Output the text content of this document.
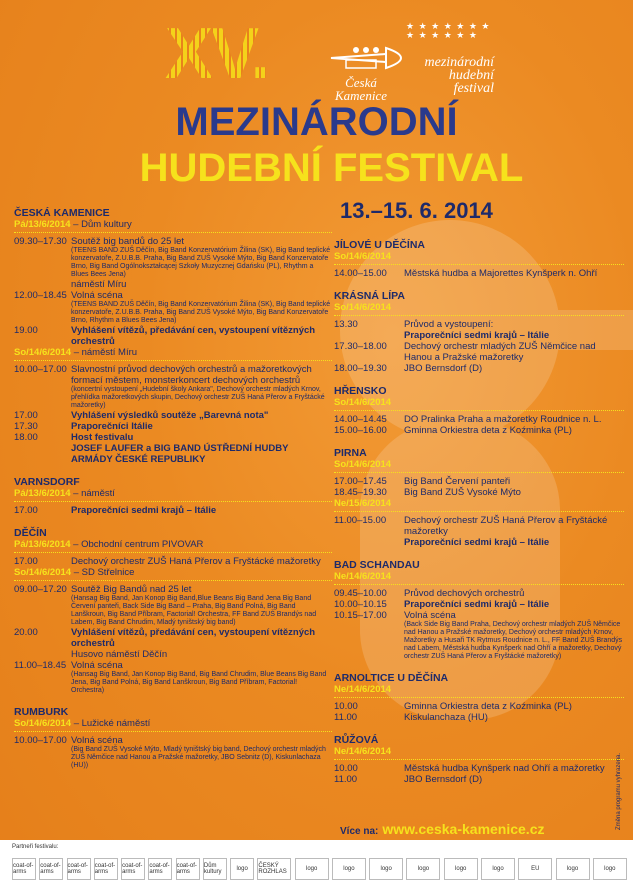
XV.	★ ★ ★ ★ ★ ★ ★
★ ★ ★ ★ ★ ★
mezinárodní
hudební
festival
Česká
Kamenice
MEZINÁRODNÍ
HUDEBNÍ FESTIVAL
13.–15. 6. 2014
ČESKÁ KAMENICE
Pá/13/6/2014 – Dům kultury
09.30–17.30 Soutěž big bandů do 25 let
(TEENS BAND ZUŠ Děčín, Big Band Konzervatórium Žilina (SK), Big Band teplické konzervatoře, Z.U.B.B. Praha, Big Band ZUŠ Vysoké Mýto, Big Band Konzervatoře Brno, Big Band Ogólnokształcącej Szkoły Muzycznej Gdańsku (PL), Rhythm a Blues Bees Jena)
náměstí Míru
12.00–18.45 Volná scéna
(TEENS BAND ZUŠ Děčín, Big Band Konzervatórium Žilina (SK), Big Band teplické konzervatoře, Z.U.B.B. Praha, Big Band ZUŠ Vysoké Mýto, Big Band Konzervatoře Brno, Rhythm a Blues Bees Jena)
19.00	Vyhlášení vítězů, předávání cen, vystoupení vítězných orchestrů
So/14/6/2014 – náměstí Míru
10.00–17.00 Slavnostní průvod dechových orchestrů a mažoretkových formací městem, monsterkoncert dechových orchestrů
(koncertní vystoupení „Hudební školy Ankara", Dechový orchestr mladých Krnov, přehlídka mažoretkových skupin, Dechový orchestr ZUŠ Haná Přerov a Fryštácké mažoretky)
17.00	Vyhlášení výsledků soutěže „Barevná nota"
17.30	Praporečníci Itálie
18.00	Host festivalu
JOSEF LAUFER a BIG BAND ÚSTŘEDNÍ HUDBY ARMÁDY ČESKÉ REPUBLIKY
VARNSDORF
Pá/13/6/2014 – náměstí
17.00	Praporečníci sedmi krajů – Itálie
DĚČÍN
Pá/13/6/2014 – Obchodní centrum PIVOVAR
17.00	Dechový orchestr ZUŠ Haná Přerov a Fryštácké mažoretky
So/14/6/2014 – SD Střelnice
09.00–17.20 Soutěž Big Bandů nad 25 let
(Hansag Big Band, Jan Konop Big Band,Blue Beans Big Band Jena Big Band Červení panteři, Back Side Big Band – Praha, Big Band Polná, Big Band Lanškroun, Big Band Příbram, Factorial! Orchestra, FF Band ZUŠ Brandýs nad Labem, Big Band Chrudim, Mladý tyništský big band)
20.00	Vyhlášení vítězů, předávání cen, vystoupení vítězných orchestrů
Husovo náměstí Děčín
11.00–18.45 Volná scéna
(Hansag Big Band, Jan Konop Big Band, Big Band Chrudim, Blue Beans Big Band Jena, Big Band Polná, Big Band Lanškroun, Big Band Příbram, Factorial! Orchestra)
RUMBURK
So/14/6/2014 – Lužické náměstí
10.00–17.00 Volná scéna
(Big Band ZUŠ Vysoké Mýto, Mladý tyništský big band, Dechový orchestr mladých ZUŠ Němčice nad Hanou a Pražské mažoretky, JBO Sebnitz (D), Kiskunlachaza (HU))
JÍLOVÉ U DĚČÍNA
So/14/6/2014
14.00–15.00	Městská hudba a Majorettes Kynšperk n. Ohří
KRÁSNÁ LÍPA
So/14/6/2014
13.30	Průvod a vystoupení:
Praporečníci sedmi krajů – Itálie
17.30–18.00	Dechový orchestr mladých ZUŠ Němčice nad Hanou a Pražské mažoretky
18.00–19.30	JBO Bernsdorf (D)
HŘENSKO
So/14/6/2014
14.00–14.45	DO Pralinka Praha a mažoretky Roudnice n. L.
15.00–16.00	Gminna Orkiestra deta z Koźminka (PL)
PIRNA
So/14/6/2014
17.00–17.45	Big Band Červení panteři
18.45–19.30	Big Band ZUŠ Vysoké Mýto
Ne/15/6/2014
11.00–15.00	Dechový orchestr ZUŠ Haná Přerov a Fryštácké mažoretky
Praporečníci sedmi krajů – Itálie
BAD SCHANDAU
Ne/14/6/2014
09.45–10.00	Průvod dechových orchestrů
10.00–10.15	Praporečníci sedmi krajů – Itálie
10.15–17.00	Volná scéna
(Back Side Big Band Praha, Dechový orchestr mladých ZUŠ Němčice nad Hanou a Pražské mažoretky, Dechový orchestr mladých Krnov, Mažoretky a Husaři TK Rytmus Roudnice n. L., FF Band ZUŠ Brandýs nad Labem, Městská hudba Kynšperk nad Ohří a mažoretky, Dechový orchestr ZUŠ Haná Přerov a Fryštácké mažoretky)
ARNOLTICE U DĚČÍNA
Ne/14/6/2014
10.00	Gminna Orkiestra deta z Koźminka (PL)
11.00	Kiskulanchaza (HU)
RŮŽOVÁ
Ne/14/6/2014
10.00	Městská hudba Kynšperk nad Ohří a mažoretky
11.00	JBO Bernsdorf (D)
Více na: www.ceska-kamenice.cz	Změna programu vyhrazena.
Partneři festivalu:
coat-of-arms
coat-of-arms
coat-of-arms
coat-of-arms
coat-of-arms
coat-of-arms
coat-of-arms
Dům kultury	logo	ČESKÝ ROZHLAS	logo	logo	logo	logo	logo	logo	EU	logo	logo
